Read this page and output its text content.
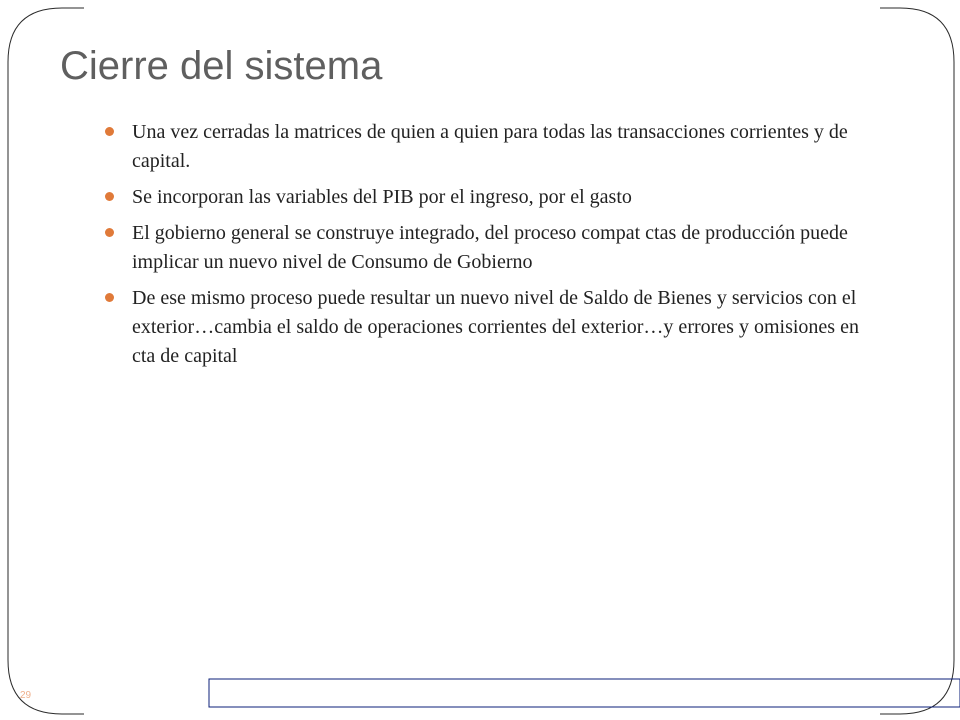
Cierre del sistema
Una vez cerradas la matrices de quien a quien para todas las transacciones corrientes y de capital.
Se incorporan las variables del PIB por el ingreso, por el gasto
El gobierno general se construye integrado, del proceso compat ctas de producción puede implicar un nuevo nivel de Consumo de Gobierno
De ese mismo proceso puede resultar un nuevo nivel de Saldo de Bienes y servicios con el exterior…cambia el saldo de operaciones corrientes del exterior…y errores y omisiones en cta de capital
29
